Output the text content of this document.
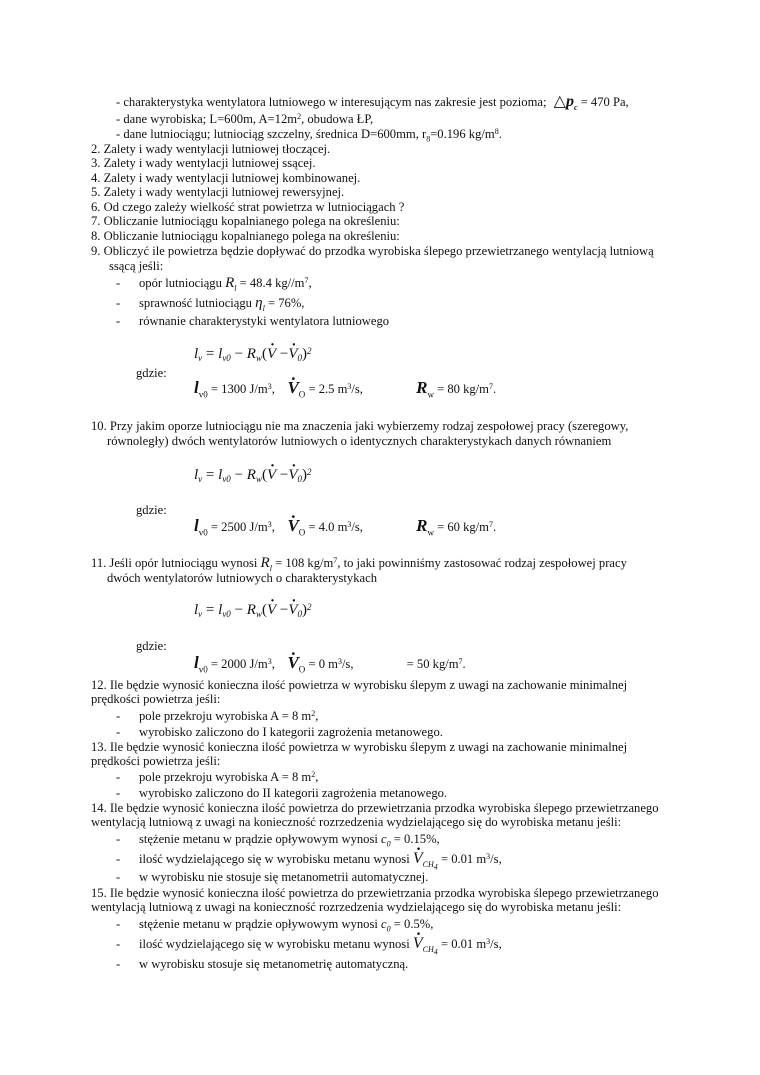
- charakterystyka wentylatora lutniowego w interesującym nas zakresie jest pozioma;  $\triangle p_c = 470$ Pa,
- dane wyrobiska; L=600m, $A=12m^2$, obudowa ŁP,
- dane lutniociągu; lutniociąg szczelny, średnica D=600mm, $r_8=0.196$ $kg/m^8$.
2. Zalety i wady wentylacji lutniowej tłoczącej.
3. Zalety i wady wentylacji lutniowej ssącej.
4. Zalety i wady wentylacji lutniowej kombinowanej.
5. Zalety i wady wentylacji lutniowej rewersyjnej.
6. Od czego zależy wielkość strat powietrza w lutniociągach ?
7. Obliczanie lutniociągu kopalnianego polega na określeniu:
8. Obliczanie lutniociągu kopalnianego polega na określeniu:
9. Obliczyć ile powietrza będzie dopływać do przodka wyrobiska ślepego przewietrzanego wentylacją lutniową
ssącą jeśli:
- opór lutniociągu $R_l = 48.4$ $kg//m^7$,
- sprawność lutniociągu $\eta_l = 76\%$,
- równanie charakterystyki wentylatora lutniowego
$l_v = l_{v0} - R_w(\cdot V -\cdot V_0)^2$
gdzie:
$l_{v0} = 1300$ $J/m^3$, · $V_O = 2.5$ $m^3/s$,	$R_w = 80$ $kg/m^7$.
10. Przy jakim oporze lutniociągu nie ma znaczenia jaki wybierzemy rodzaj zespołowej pracy (szeregowy,
równoległy) dwóch wentylatorów lutniowych o identycznych charakterystykach danych równaniem
$l_v = l_{v0} - R_w(\cdot V -\cdot V_0)^2$
gdzie:
$l_{v0} = 2500$ $J/m^3$, · $V_O = 4.0$ $m^3/s$,	$R_w = 60$ $kg/m^7$.
11. Jeśli opór lutniociągu wynosi $R_l = 108$ $kg/m^7$, to jaki powinniśmy zastosować rodzaj zespołowej pracy
dwóch wentylatorów lutniowych o charakterystykach
$l_v = l_{v0} - R_w(\cdot V -\cdot V_0)^2$
gdzie:
$l_{v0} = 2000$ $J/m^3$, · $V_O = 0$ $m^3/s$,	= 50 $kg/m^7$.
12. Ile będzie wynosić konieczna ilość powietrza w wyrobisku ślepym z uwagi na zachowanie minimalnej
prędkości powietrza jeśli:
- pole przekroju wyrobiska A = 8 $m^2$,
- wyrobisko zaliczono do I kategorii zagrożenia metanowego.
13. Ile będzie wynosić konieczna ilość powietrza w wyrobisku ślepym z uwagi na zachowanie minimalnej
prędkości powietrza jeśli:
- pole przekroju wyrobiska A = 8 $m^2$,
- wyrobisko zaliczono do II kategorii zagrożenia metanowego.
14. Ile będzie wynosić konieczna ilość powietrza do przewietrzania przodka wyrobiska ślepego przewietrzanego
wentylacją lutniową z uwagi na konieczność rozrzedzenia wydzielającego się do wyrobiska metanu jeśli:
- stężenie metanu w prądzie opływowym wynosi $c_0 = 0.15\%$,
- ilość wydzielającego się w wyrobisku metanu wynosi · $V_{CH_4} = 0.01$ $m^3/s$,
- w wyrobisku nie stosuje się metanometrii automatycznej.
15. Ile będzie wynosić konieczna ilość powietrza do przewietrzania przodka wyrobiska ślepego przewietrzanego
wentylacją lutniową z uwagi na konieczność rozrzedzenia wydzielającego się do wyrobiska metanu jeśli:
- stężenie metanu w prądzie opływowym wynosi $c_0 = 0.5\%$,
- ilość wydzielającego się w wyrobisku metanu wynosi · $V_{CH_4} = 0.01$ $m^3/s$,
- w wyrobisku stosuje się metanometrię automatyczną.
